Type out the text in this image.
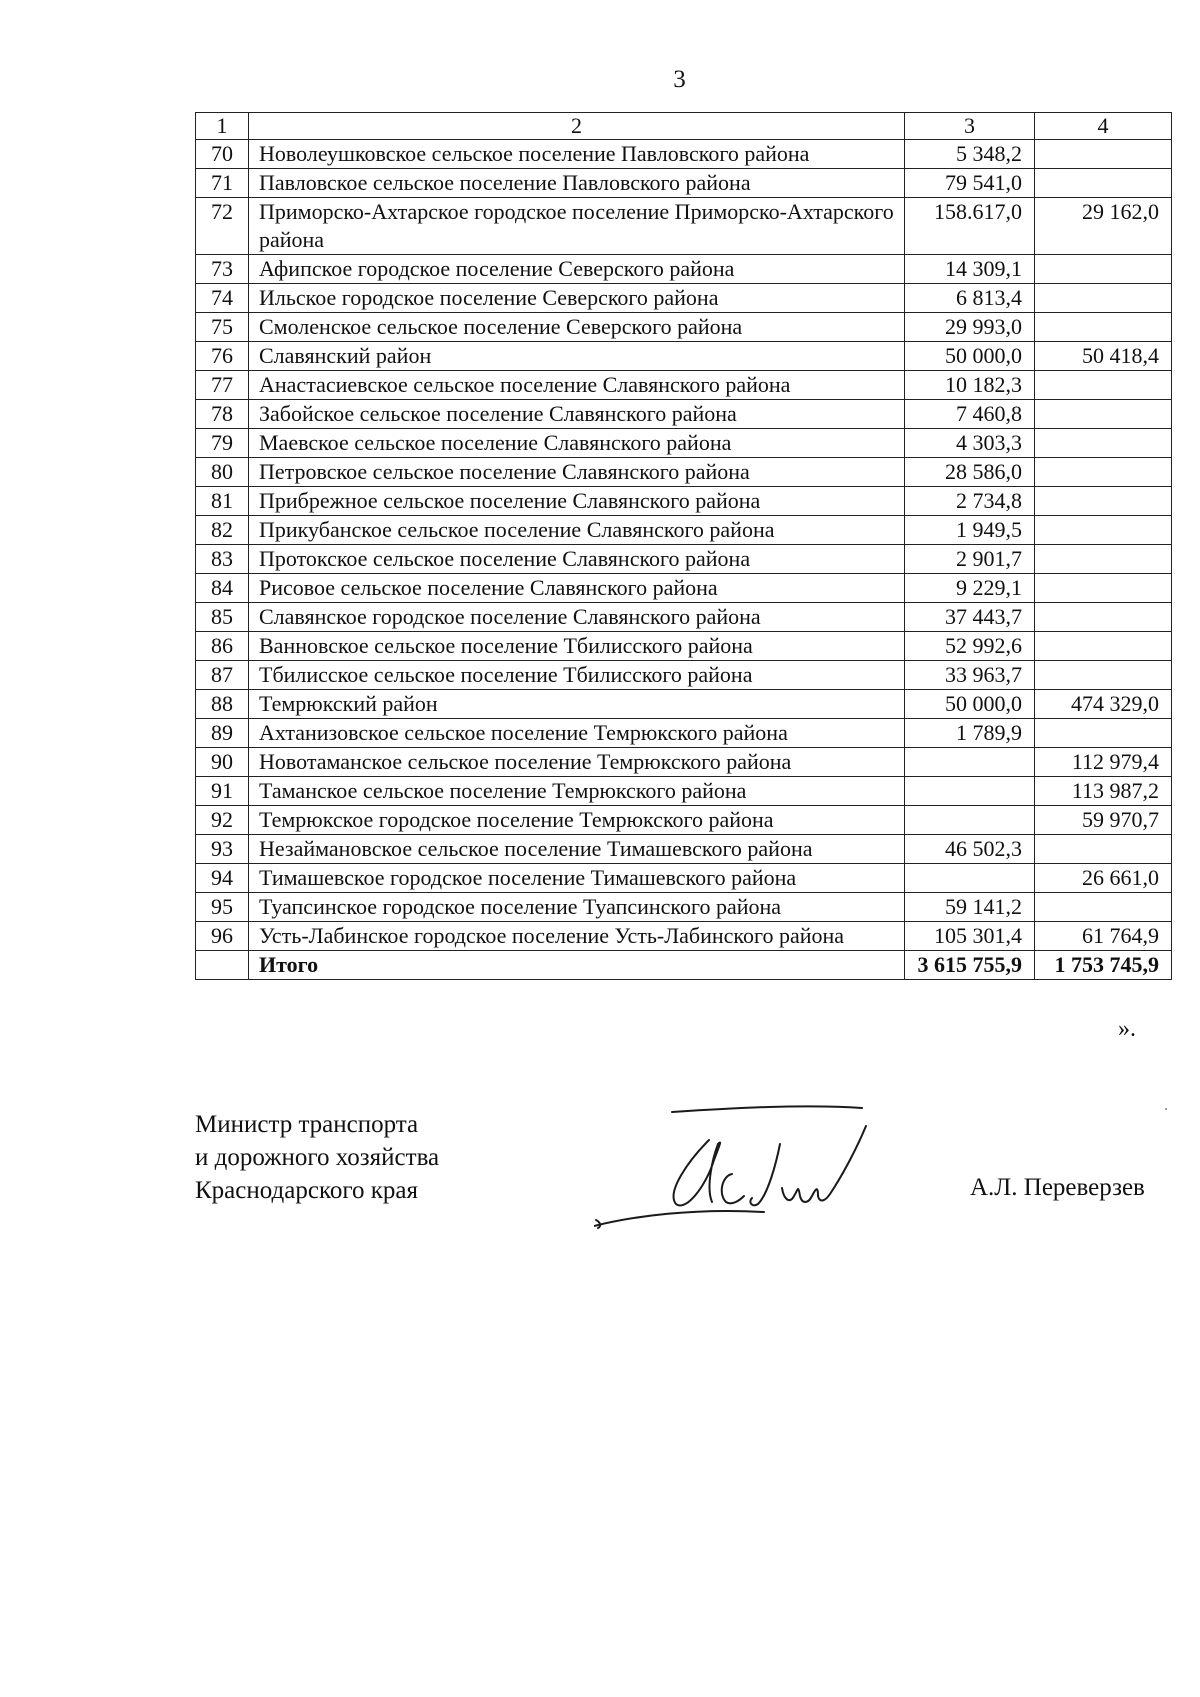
3
1	2	3	4
70	Новолеушковское сельское поселение Павловского района	5 348,2	
71	Павловское сельское поселение Павловского района	79 541,0	
72	Приморско-Ахтарское городское поселение Приморско-Ахтарского района	158.617,0	29 162,0
73	Афипское городское поселение Северского района	14 309,1	
74	Ильское городское поселение Северского района	6 813,4	
75	Смоленское сельское поселение Северского района	29 993,0	
76	Славянский район	50 000,0	50 418,4
77	Анастасиевское сельское поселение Славянского района	10 182,3	
78	Забойское сельское поселение Славянского района	7 460,8	
79	Маевское сельское поселение Славянского района	4 303,3	
80	Петровское сельское поселение Славянского района	28 586,0	
81	Прибрежное сельское поселение Славянского района	2 734,8	
82	Прикубанское сельское поселение Славянского района	1 949,5	
83	Протокское сельское поселение Славянского района	2 901,7	
84	Рисовое сельское поселение Славянского района	9 229,1	
85	Славянское городское поселение Славянского района	37 443,7	
86	Ванновское сельское поселение Тбилисского района	52 992,6	
87	Тбилисское сельское поселение Тбилисского района	33 963,7	
88	Темрюкский район	50 000,0	474 329,0
89	Ахтанизовское сельское поселение Темрюкского района	1 789,9	
90	Новотаманское сельское поселение Темрюкского района		112 979,4
91	Таманское сельское поселение Темрюкского района		113 987,2
92	Темрюкское городское поселение Темрюкского района		59 970,7
93	Незаймановское сельское поселение Тимашевского района	46 502,3	
94	Тимашевское городское поселение Тимашевского района		26 661,0
95	Туапсинское городское поселение Туапсинского района	59 141,2	
96	Усть-Лабинское городское поселение Усть-Лабинского района	105 301,4	61 764,9
	Итого	3 615 755,9	1 753 745,9
».
Министр транспорта
и дорожного хозяйства
Краснодарского края	А.Л. Переверзев
